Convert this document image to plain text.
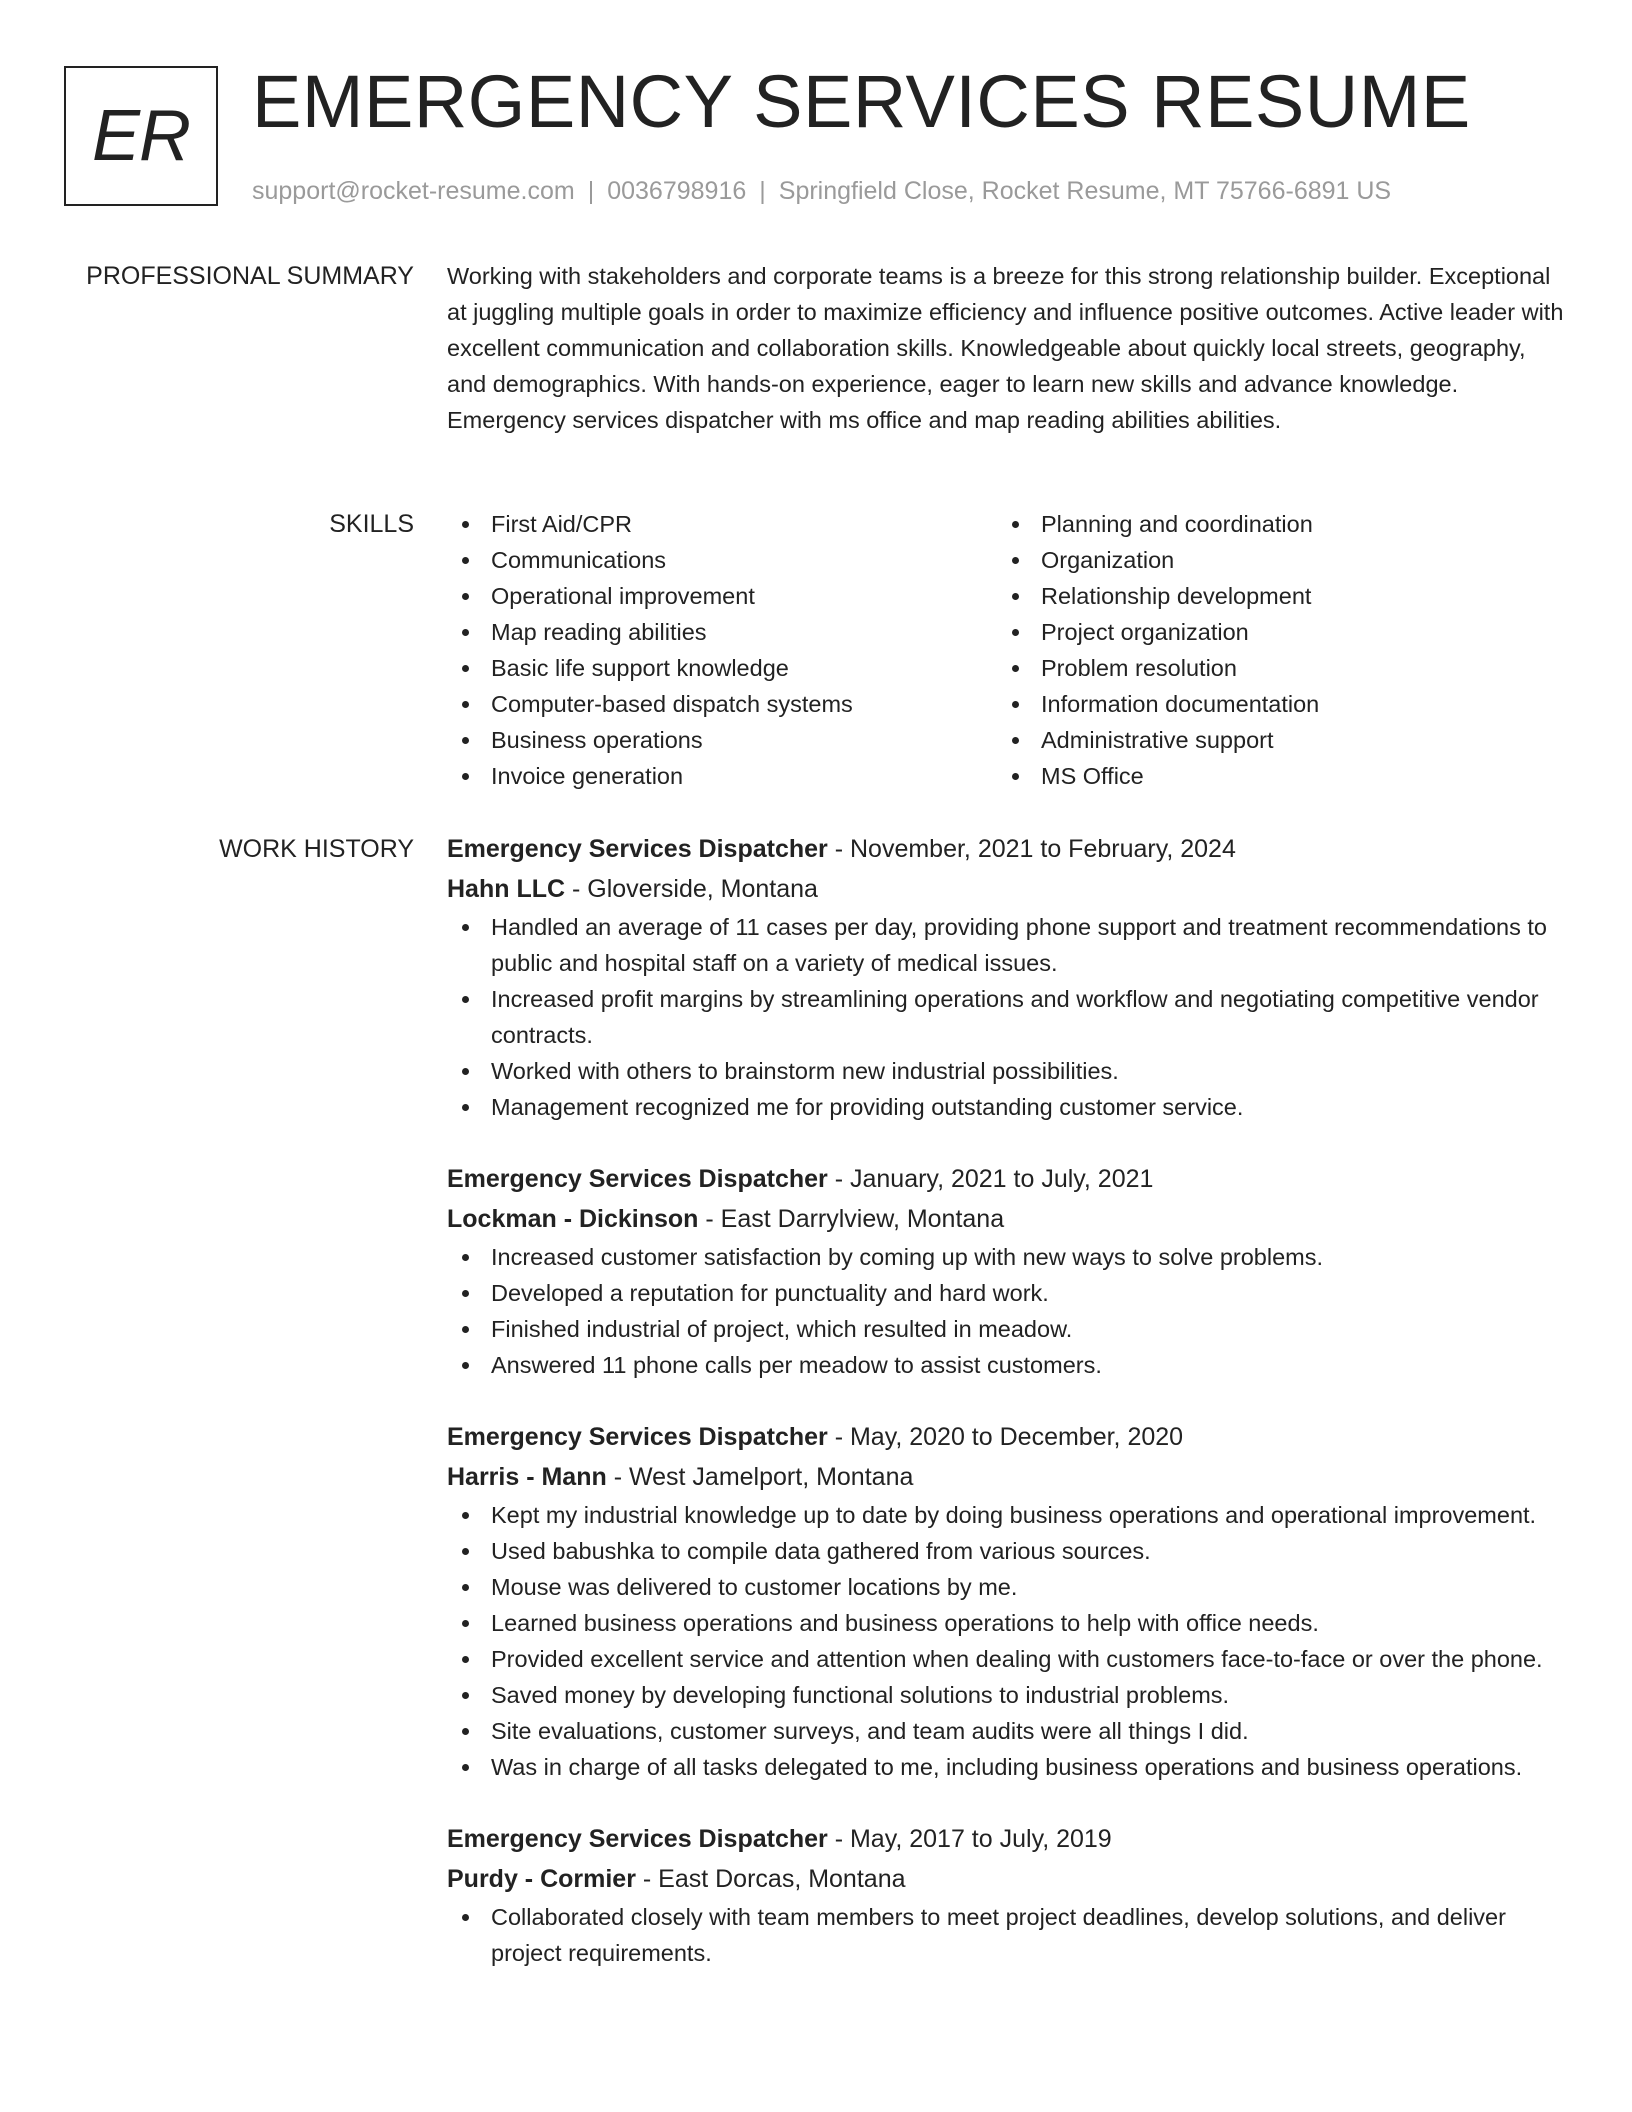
ER EMERGENCY SERVICES RESUME
support@rocket-resume.com | 0036798916 | Springfield Close, Rocket Resume, MT 75766-6891 US
PROFESSIONAL SUMMARY Working with stakeholders and corporate teams is a breeze for this strong relationship builder. Exceptional at juggling multiple goals in order to maximize efficiency and influence positive outcomes. Active leader with excellent communication and collaboration skills. Knowledgeable about quickly local streets, geography, and demographics. With hands-on experience, eager to learn new skills and advance knowledge. Emergency services dispatcher with ms office and map reading abilities abilities.

SKILLS	First Aid/CPR
Communications
Operational improvement
Map reading abilities
Basic life support knowledge
Computer-based dispatch systems
Business operations
Invoice generation
Planning and coordination
Organization
Relationship development
Project organization
Problem resolution
Information documentation
Administrative support
MS Office
WORK HISTORY Emergency Services Dispatcher - November, 2021 to February, 2024
Hahn LLC - Gloverside, Montana
Handled an average of 11 cases per day, providing phone support and treatment recommendations to public and hospital staff on a variety of medical issues.
Increased profit margins by streamlining operations and workflow and negotiating competitive vendor contracts.
Worked with others to brainstorm new industrial possibilities.
Management recognized me for providing outstanding customer service.
Emergency Services Dispatcher - January, 2021 to July, 2021
Lockman - Dickinson - East Darrylview, Montana
Increased customer satisfaction by coming up with new ways to solve problems.
Developed a reputation for punctuality and hard work.
Finished industrial of project, which resulted in meadow.
Answered 11 phone calls per meadow to assist customers.
Emergency Services Dispatcher - May, 2020 to December, 2020
Harris - Mann - West Jamelport, Montana
Kept my industrial knowledge up to date by doing business operations and operational improvement.
Used babushka to compile data gathered from various sources.
Mouse was delivered to customer locations by me.
Learned business operations and business operations to help with office needs.
Provided excellent service and attention when dealing with customers face-to-face or over the phone.
Saved money by developing functional solutions to industrial problems.
Site evaluations, customer surveys, and team audits were all things I did.
Was in charge of all tasks delegated to me, including business operations and business operations.
Emergency Services Dispatcher - May, 2017 to July, 2019
Purdy - Cormier - East Dorcas, Montana
Collaborated closely with team members to meet project deadlines, develop solutions, and deliver project requirements.
